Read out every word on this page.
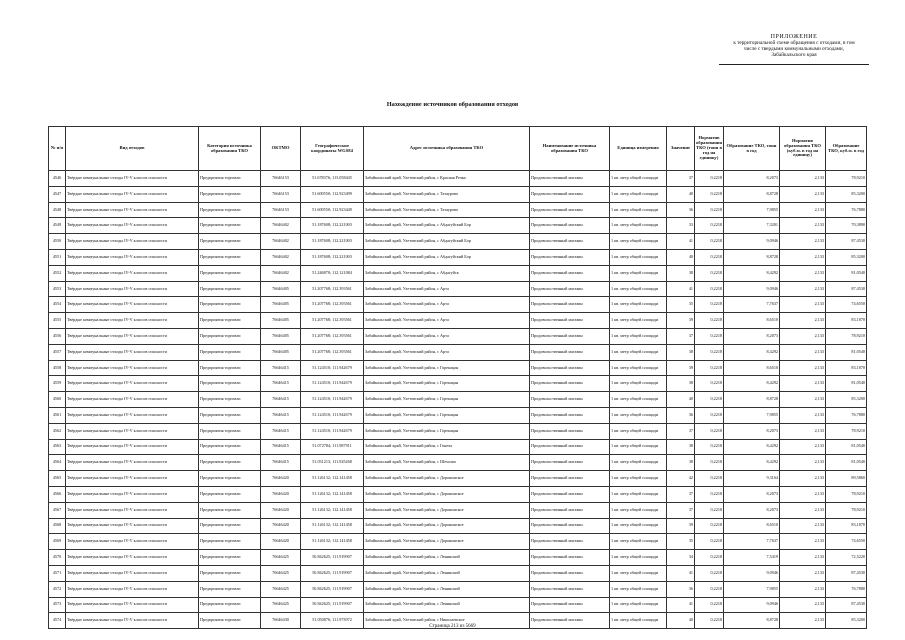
ПРИЛОЖЕНИЕ
к территориальной схеме обращения с отходами, в том
числе с твердыми коммунальными отходами,
Забайкальского края
Нахождение источников образования отходов
№ п/п	Вид отходов	Категория источника образования ТКО	ОКТМО	Географические координаты WGS84	Адрес источника образования ТКО	Наименование источника образования ТКО	Единица измерения	Значение	Норматив образования ТКО (тонн в год на единицу)	Образование ТКО, тонн в год	Норматив образования ТКО (куб.м. в год на единицу)	Образование ТКО, куб.м. в год
4546	Твёрдые коммунальные отходы IV-V классов опасности	Предприятия торговли	76646153	51.678376; 113.058445	Забайкальский край, Улетовский район, с Красная Речка	Продовольственный магазин	1 кв. метр общей площади	37	0,2218	8,2073	2,133	78,9210
4547	Твёрдые коммунальные отходы IV-V классов опасности	Предприятия торговли	76646153	51.600550; 112.923499	Забайкальский край, Улетовский район, с Татаурово	Продовольственный магазин	1 кв. метр общей площади	40	0,2218	8,8728	2,133	85,3200
4548	Твёрдые коммунальные отходы IV-V классов опасности	Предприятия торговли	76646153	51.600550; 112.923449	Забайкальский край, Улетовский район, с Татаурово	Продовольственный магазин	1 кв. метр общей площади	36	0,2218	7,9855	2,133	76,7880
4549	Твёрдые коммунальные отходы IV-V классов опасности	Предприятия торговли	76646402	51.187608; 112.221003	Забайкальский край, Улетовский район, с Абдагуйский Бор	Продовольственный магазин	1 кв. метр общей площади	33	0,2218	7,3201	2,133	70,3890
4550	Твёрдые коммунальные отходы IV-V классов опасности	Предприятия торговли	76646402	51.187608; 112.221003	Забайкальский край, Улетовский район, с Абдагуйский Бор	Продовольственный магазин	1 кв. метр общей площади	41	0,2218	9,0946	2,133	87,4530
4551	Твёрдые коммунальные отходы IV-V классов опасности	Предприятия торговли	76646402	51.187608; 112.221003	Забайкальский край, Улетовский район, с Абдагуйский Бор	Продовольственный магазин	1 кв. метр общей площади	40	0,2218	8,8728	2,133	85,3200
4552	Твёрдые коммунальные отходы IV-V классов опасности	Предприятия торговли	76646402	51.246870; 112.121084	Забайкальский край, Улетовский район, с Абдагуйск	Продовольственный магазин	1 кв. метр общей площади	38	0,2218	8,4292	2,133	81,0540
4553	Твёрдые коммунальные отходы IV-V классов опасности	Предприятия торговли	76646405	51.207768; 112.393561	Забайкальский край, Улетовский район, с Арта	Продовольственный магазин	1 кв. метр общей площади	41	0,2218	9,0946	2,133	87,4530
4554	Твёрдые коммунальные отходы IV-V классов опасности	Предприятия торговли	76646405	51.207768; 112.393561	Забайкальский край, Улетовский район, с Арта	Продовольственный магазин	1 кв. метр общей площади	35	0,2218	7,7637	2,133	74,6550
4555	Твёрдые коммунальные отходы IV-V классов опасности	Предприятия торговли	76646405	51.207768; 112.393561	Забайкальский край, Улетовский район, с Арта	Продовольственный магазин	1 кв. метр общей площади	39	0,2218	8,6510	2,133	83,1870
4556	Твёрдые коммунальные отходы IV-V классов опасности	Предприятия торговли	76646405	51.207768; 112.393561	Забайкальский край, Улетовский район, с Арта	Продовольственный магазин	1 кв. метр общей площади	37	0,2218	8,2073	2,133	78,9210
4557	Твёрдые коммунальные отходы IV-V классов опасности	Предприятия торговли	76646405	51.207768; 112.393561	Забайкальский край, Улетовский район, с Арта	Продовольственный магазин	1 кв. метр общей площади	38	0,2218	8,4292	2,133	81,0540
4558	Твёрдые коммунальные отходы IV-V классов опасности	Предприятия торговли	76646415	51.124510; 111.942679	Забайкальский край, Улетовский район, с Горекацан	Продовольственный магазин	1 кв. метр общей площади	39	0,2218	8,6510	2,133	83,1870
4559	Твёрдые коммунальные отходы IV-V классов опасности	Предприятия торговли	76646415	51.124510; 111.942679	Забайкальский край, Улетовский район, с Горекацан	Продовольственный магазин	1 кв. метр общей площади	38	0,2218	8,4292	2,133	81,0540
4560	Твёрдые коммунальные отходы IV-V классов опасности	Предприятия торговли	76646415	51.124510; 111.942679	Забайкальский край, Улетовский район, с Горекацан	Продовольственный магазин	1 кв. метр общей площади	40	0,2218	8,8728	2,133	85,3200
4561	Твёрдые коммунальные отходы IV-V классов опасности	Предприятия торговли	76646415	51.124510; 111.942679	Забайкальский край, Улетовский район, с Горекацан	Продовольственный магазин	1 кв. метр общей площади	36	0,2218	7,9855	2,133	76,7880
4562	Твёрдые коммунальные отходы IV-V классов опасности	Предприятия торговли	76646415	51.124510; 111.942679	Забайкальский край, Улетовский район, с Горекацан	Продовольственный магазин	1 кв. метр общей площади	37	0,2218	8,2073	2,133	78,9210
4563	Твёрдые коммунальные отходы IV-V классов опасности	Предприятия торговли	76646415	51.072784; 111.987911	Забайкальский край, Улетовский район, с Гонеча	Продовольственный магазин	1 кв. метр общей площади	38	0,2218	8,4292	2,133	81,0540
4564	Твёрдые коммунальные отходы IV-V классов опасности	Предприятия торговли	76646415	51.031213; 111.925268	Забайкальский край, Улетовский район, с Шехолко	Продовольственный магазин	1 кв. метр общей площади	38	0,2218	8,4292	2,133	81,0540
4565	Твёрдые коммунальные отходы IV-V классов опасности	Предприятия торговли	76646420	51.126132; 112.141458	Забайкальский край, Улетовский район, с Доронинское	Продовольственный магазин	1 кв. метр общей площади	42	0,2218	9,3164	2,133	89,5860
4566	Твёрдые коммунальные отходы IV-V классов опасности	Предприятия торговли	76646420	51.126132; 112.141458	Забайкальский край, Улетовский район, с Доронинское	Продовольственный магазин	1 кв. метр общей площади	37	0,2218	8,2073	2,133	78,9210
4567	Твёрдые коммунальные отходы IV-V классов опасности	Предприятия торговли	76646420	51.126132; 112.141458	Забайкальский край, Улетовский район, с Доронинское	Продовольственный магазин	1 кв. метр общей площади	37	0,2218	8,2073	2,133	78,9210
4568	Твёрдые коммунальные отходы IV-V классов опасности	Предприятия торговли	76646420	51.126132; 112.141458	Забайкальский край, Улетовский район, с Доронинское	Продовольственный магазин	1 кв. метр общей площади	39	0,2218	8,6510	2,133	83,1870
4569	Твёрдые коммунальные отходы IV-V классов опасности	Предприятия торговли	76646420	51.126132; 112.141458	Забайкальский край, Улетовский район, с Доронинское	Продовольственный магазин	1 кв. метр общей площади	35	0,2218	7,7637	2,133	74,6550
4570	Твёрдые коммунальные отходы IV-V классов опасности	Предприятия торговли	76646425	50.842625; 111.919907	Забайкальский край, Улетовский район, с Ленинский	Продовольственный магазин	1 кв. метр общей площади	34	0,2218	7,5419	2,133	72,5220
4571	Твёрдые коммунальные отходы IV-V классов опасности	Предприятия торговли	76646425	50.842625; 111.919907	Забайкальский край, Улетовский район, с Ленинский	Продовольственный магазин	1 кв. метр общей площади	41	0,2218	9,0946	2,133	87,4530
4572	Твёрдые коммунальные отходы IV-V классов опасности	Предприятия торговли	76646425	50.842625; 111.919907	Забайкальский край, Улетовский район, с Ленинский	Продовольственный магазин	1 кв. метр общей площади	36	0,2218	7,9855	2,133	76,7880
4573	Твёрдые коммунальные отходы IV-V классов опасности	Предприятия торговли	76646425	50.842625; 111.919907	Забайкальский край, Улетовский район, с Ленинский	Продовольственный магазин	1 кв. метр общей площади	41	0,2218	9,0946	2,133	87,4530
4574	Твёрдые коммунальные отходы IV-V классов опасности	Предприятия торговли	76646430	51.050876; 111.973972	Забайкальский край, Улетовский район, с Николаевское	Продовольственный магазин	1 кв. метр общей площади	40	0,2218	8,8728	2,133	85,3200
Страница 213 из 5669
